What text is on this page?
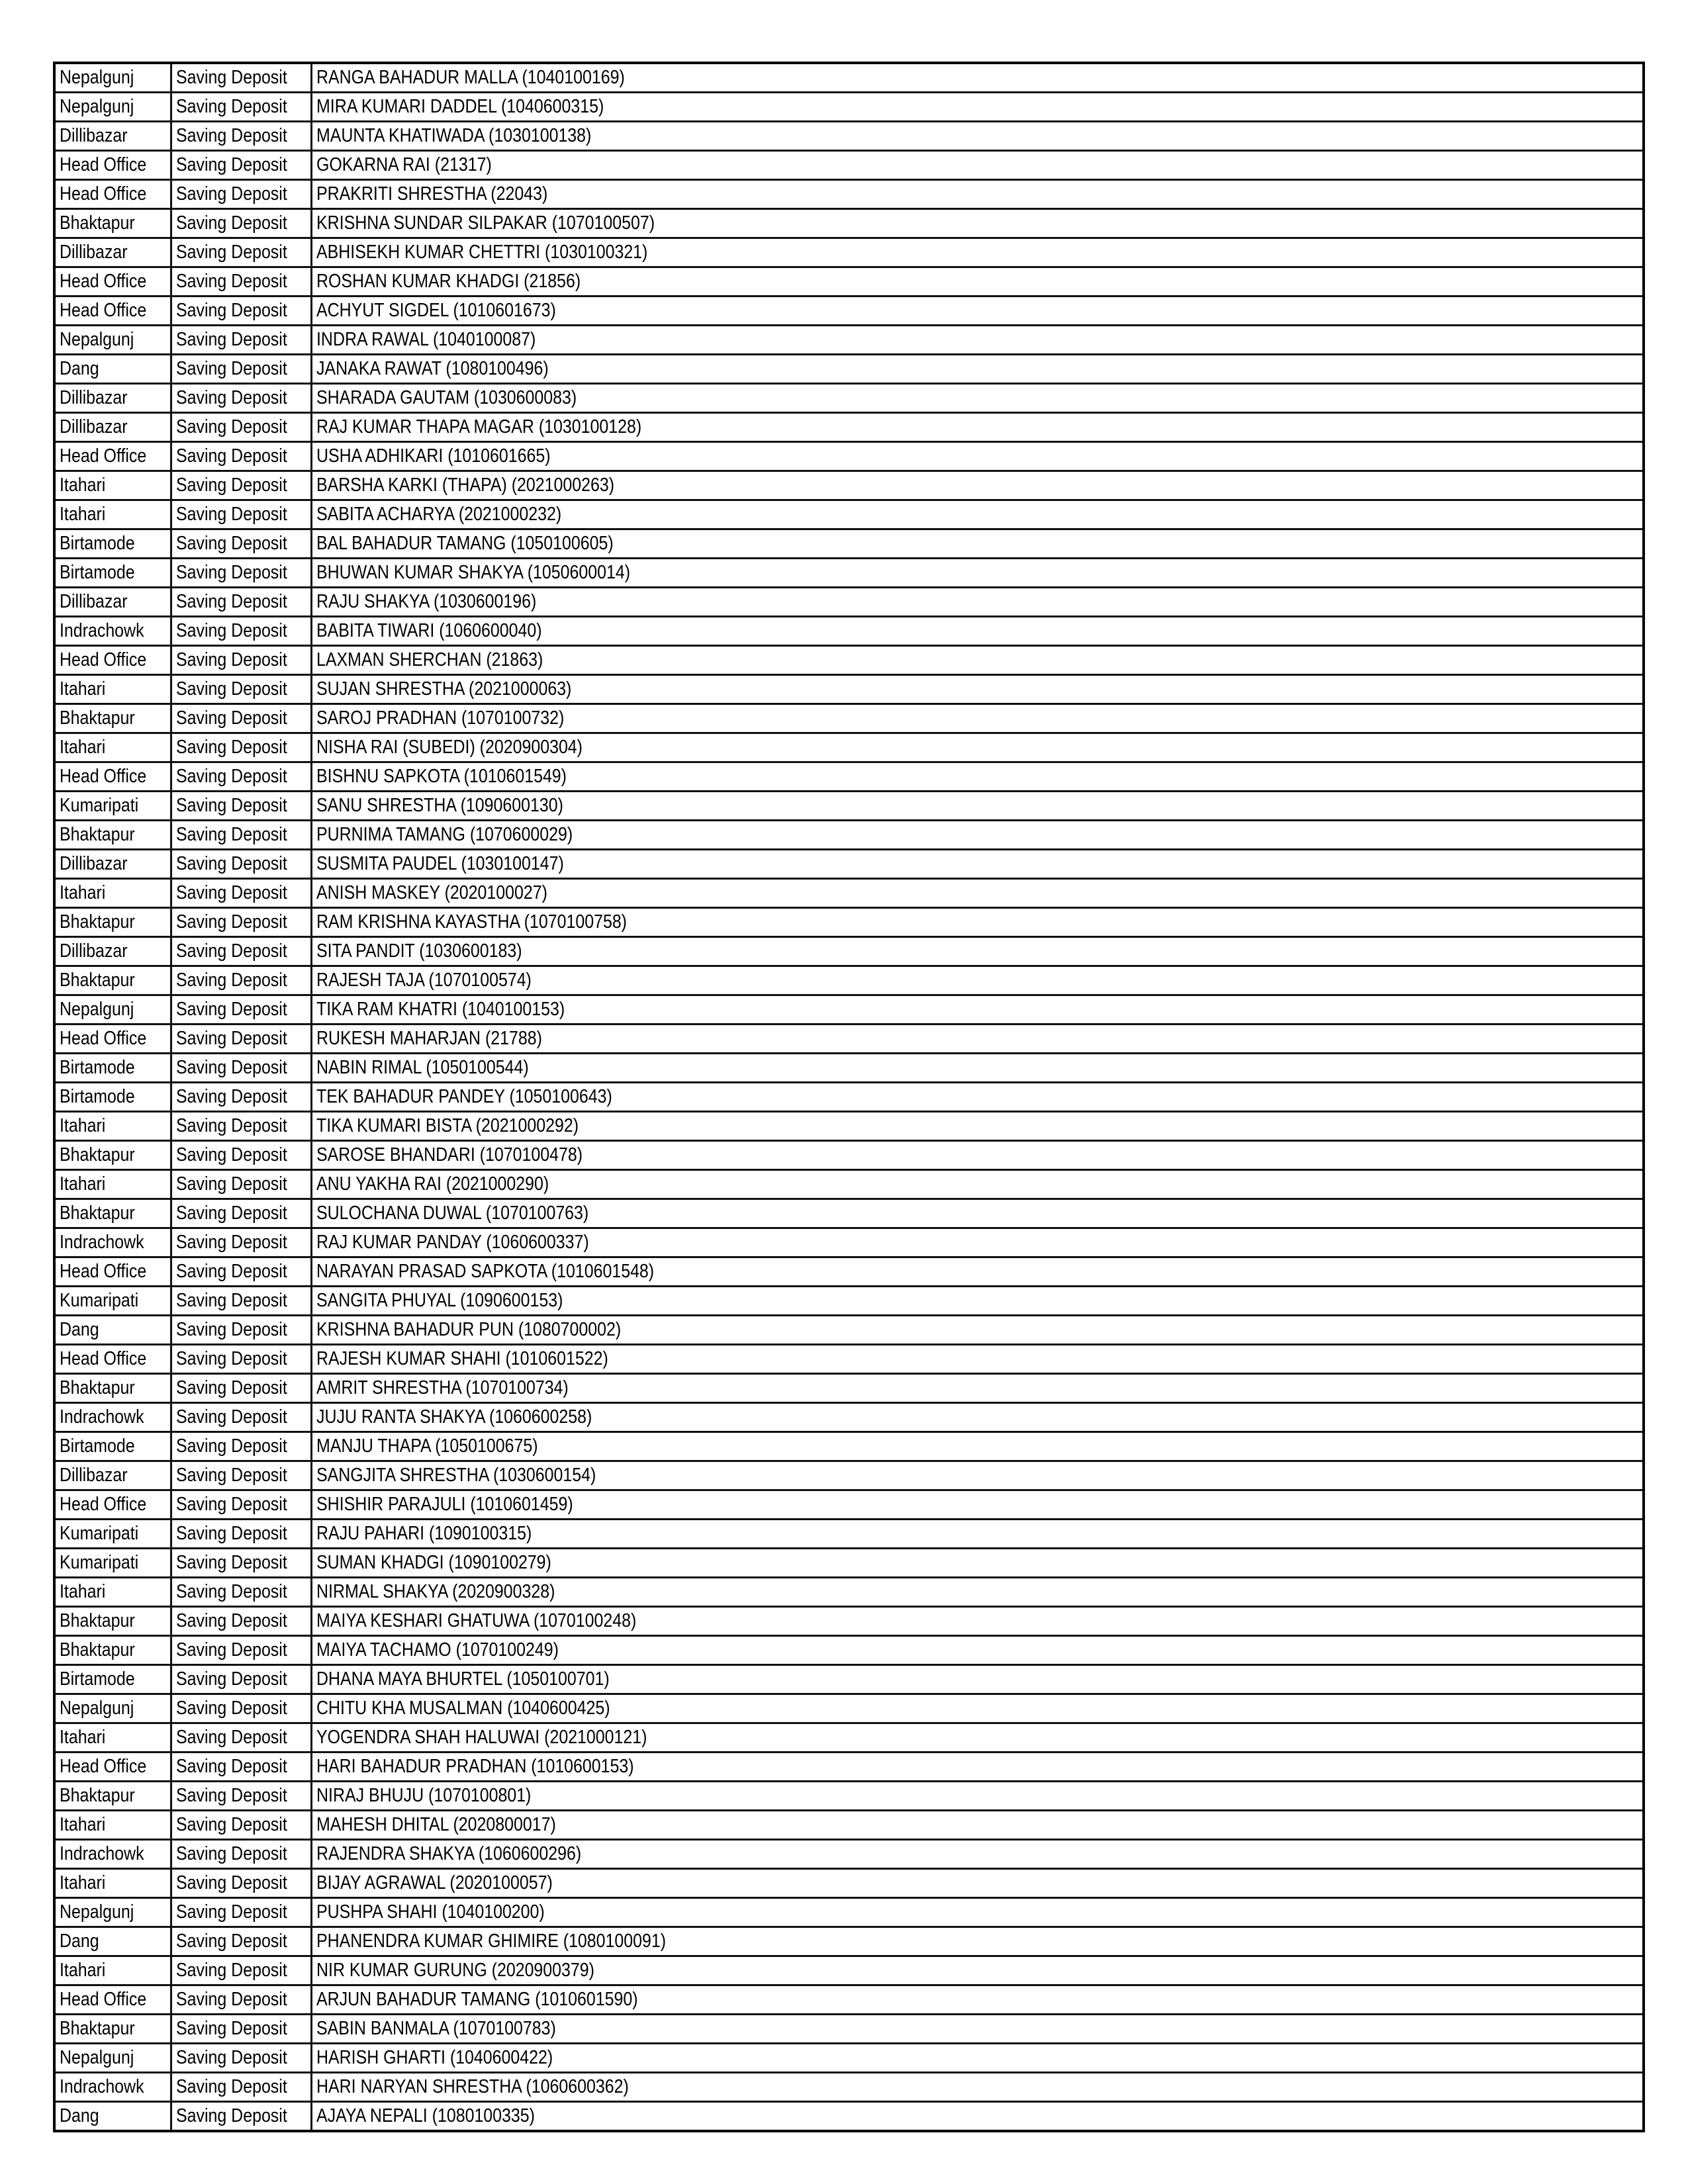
Nepalgunj	Saving Deposit	RANGA BAHADUR MALLA (1040100169)
Nepalgunj	Saving Deposit	MIRA KUMARI DADDEL (1040600315)
Dillibazar	Saving Deposit	MAUNTA KHATIWADA (1030100138)
Head Office	Saving Deposit	GOKARNA RAI (21317)
Head Office	Saving Deposit	PRAKRITI SHRESTHA (22043)
Bhaktapur	Saving Deposit	KRISHNA SUNDAR SILPAKAR (1070100507)
Dillibazar	Saving Deposit	ABHISEKH KUMAR CHETTRI (1030100321)
Head Office	Saving Deposit	ROSHAN KUMAR KHADGI (21856)
Head Office	Saving Deposit	ACHYUT SIGDEL (1010601673)
Nepalgunj	Saving Deposit	INDRA RAWAL (1040100087)
Dang	Saving Deposit	JANAKA RAWAT (1080100496)
Dillibazar	Saving Deposit	SHARADA GAUTAM (1030600083)
Dillibazar	Saving Deposit	RAJ KUMAR THAPA MAGAR (1030100128)
Head Office	Saving Deposit	USHA ADHIKARI (1010601665)
Itahari	Saving Deposit	BARSHA KARKI (THAPA) (2021000263)
Itahari	Saving Deposit	SABITA ACHARYA (2021000232)
Birtamode	Saving Deposit	BAL BAHADUR TAMANG (1050100605)
Birtamode	Saving Deposit	BHUWAN KUMAR SHAKYA (1050600014)
Dillibazar	Saving Deposit	RAJU SHAKYA (1030600196)
Indrachowk	Saving Deposit	BABITA TIWARI (1060600040)
Head Office	Saving Deposit	LAXMAN SHERCHAN (21863)
Itahari	Saving Deposit	SUJAN SHRESTHA (2021000063)
Bhaktapur	Saving Deposit	SAROJ PRADHAN (1070100732)
Itahari	Saving Deposit	NISHA RAI (SUBEDI) (2020900304)
Head Office	Saving Deposit	BISHNU SAPKOTA (1010601549)
Kumaripati	Saving Deposit	SANU SHRESTHA (1090600130)
Bhaktapur	Saving Deposit	PURNIMA TAMANG (1070600029)
Dillibazar	Saving Deposit	SUSMITA PAUDEL (1030100147)
Itahari	Saving Deposit	ANISH MASKEY (2020100027)
Bhaktapur	Saving Deposit	RAM KRISHNA KAYASTHA (1070100758)
Dillibazar	Saving Deposit	SITA PANDIT (1030600183)
Bhaktapur	Saving Deposit	RAJESH TAJA (1070100574)
Nepalgunj	Saving Deposit	TIKA RAM KHATRI (1040100153)
Head Office	Saving Deposit	RUKESH MAHARJAN (21788)
Birtamode	Saving Deposit	NABIN RIMAL (1050100544)
Birtamode	Saving Deposit	TEK BAHADUR PANDEY (1050100643)
Itahari	Saving Deposit	TIKA KUMARI BISTA (2021000292)
Bhaktapur	Saving Deposit	SAROSE BHANDARI (1070100478)
Itahari	Saving Deposit	ANU YAKHA RAI (2021000290)
Bhaktapur	Saving Deposit	SULOCHANA DUWAL (1070100763)
Indrachowk	Saving Deposit	RAJ KUMAR PANDAY (1060600337)
Head Office	Saving Deposit	NARAYAN PRASAD SAPKOTA (1010601548)
Kumaripati	Saving Deposit	SANGITA PHUYAL (1090600153)
Dang	Saving Deposit	KRISHNA BAHADUR PUN (1080700002)
Head Office	Saving Deposit	RAJESH KUMAR SHAHI (1010601522)
Bhaktapur	Saving Deposit	AMRIT SHRESTHA (1070100734)
Indrachowk	Saving Deposit	JUJU RANTA SHAKYA (1060600258)
Birtamode	Saving Deposit	MANJU THAPA (1050100675)
Dillibazar	Saving Deposit	SANGJITA SHRESTHA (1030600154)
Head Office	Saving Deposit	SHISHIR PARAJULI (1010601459)
Kumaripati	Saving Deposit	RAJU PAHARI (1090100315)
Kumaripati	Saving Deposit	SUMAN KHADGI (1090100279)
Itahari	Saving Deposit	NIRMAL SHAKYA (2020900328)
Bhaktapur	Saving Deposit	MAIYA KESHARI GHATUWA (1070100248)
Bhaktapur	Saving Deposit	MAIYA TACHAMO (1070100249)
Birtamode	Saving Deposit	DHANA MAYA BHURTEL (1050100701)
Nepalgunj	Saving Deposit	CHITU KHA MUSALMAN (1040600425)
Itahari	Saving Deposit	YOGENDRA SHAH HALUWAI (2021000121)
Head Office	Saving Deposit	HARI BAHADUR PRADHAN (1010600153)
Bhaktapur	Saving Deposit	NIRAJ BHUJU (1070100801)
Itahari	Saving Deposit	MAHESH DHITAL (2020800017)
Indrachowk	Saving Deposit	RAJENDRA SHAKYA (1060600296)
Itahari	Saving Deposit	BIJAY AGRAWAL (2020100057)
Nepalgunj	Saving Deposit	PUSHPA SHAHI (1040100200)
Dang	Saving Deposit	PHANENDRA KUMAR GHIMIRE (1080100091)
Itahari	Saving Deposit	NIR KUMAR GURUNG (2020900379)
Head Office	Saving Deposit	ARJUN BAHADUR TAMANG (1010601590)
Bhaktapur	Saving Deposit	SABIN BANMALA (1070100783)
Nepalgunj	Saving Deposit	HARISH GHARTI (1040600422)
Indrachowk	Saving Deposit	HARI NARYAN SHRESTHA (1060600362)
Dang	Saving Deposit	AJAYA NEPALI (1080100335)
